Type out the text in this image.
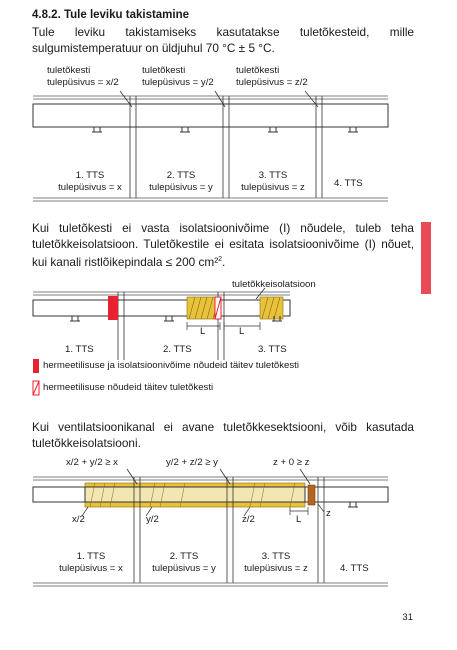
4.8.2. Tule leviku takistamine
Tule leviku takistamiseks kasutatakse tuletõkesteid, mille sulgumistemperatuur on üldjuhul 70 °C ± 5 °C.
tuletõkesti
tulepüsivus = x/2
tuletõkesti
tulepüsivus = y/2
tuletõkesti
tulepüsivus = z/2
1. TTS
tulepüsivus = x
2. TTS
tulepüsivus = y
3. TTS
tulepüsivus = z	4. TTS
Kui tuletõkesti ei vasta isolatsioonivõime (I) nõudele, tuleb teha tuletõkkeisolatsioon. Tuletõkestile ei esitata isolatsioonivõime (I) nõuet, kui kanali ristlõikepindala ≤ 200 cm²$^2$.
tuletõkkeisolatsioon
L	L
1. TTS	2. TTS	3. TTS
hermeetilisuse ja isolatsioonivõime nõudeid täitev tuletõkesti
hermeetilisuse nõudeid täitev tuletõkesti
Kui ventilatsioonikanal ei avane tuletõkkesektsiooni, võib kasutada tuletõkkeisolatsiooni.
x/2 + y/2 ≥ x	y/2 + z/2 ≥ y	z + 0 ≥ z
x/2	y/2	z/2	L
z
1. TTS
tulepüsivus = x
2. TTS
tulepüsivus = y
3. TTS
tulepüsivus = z	4. TTS
31
